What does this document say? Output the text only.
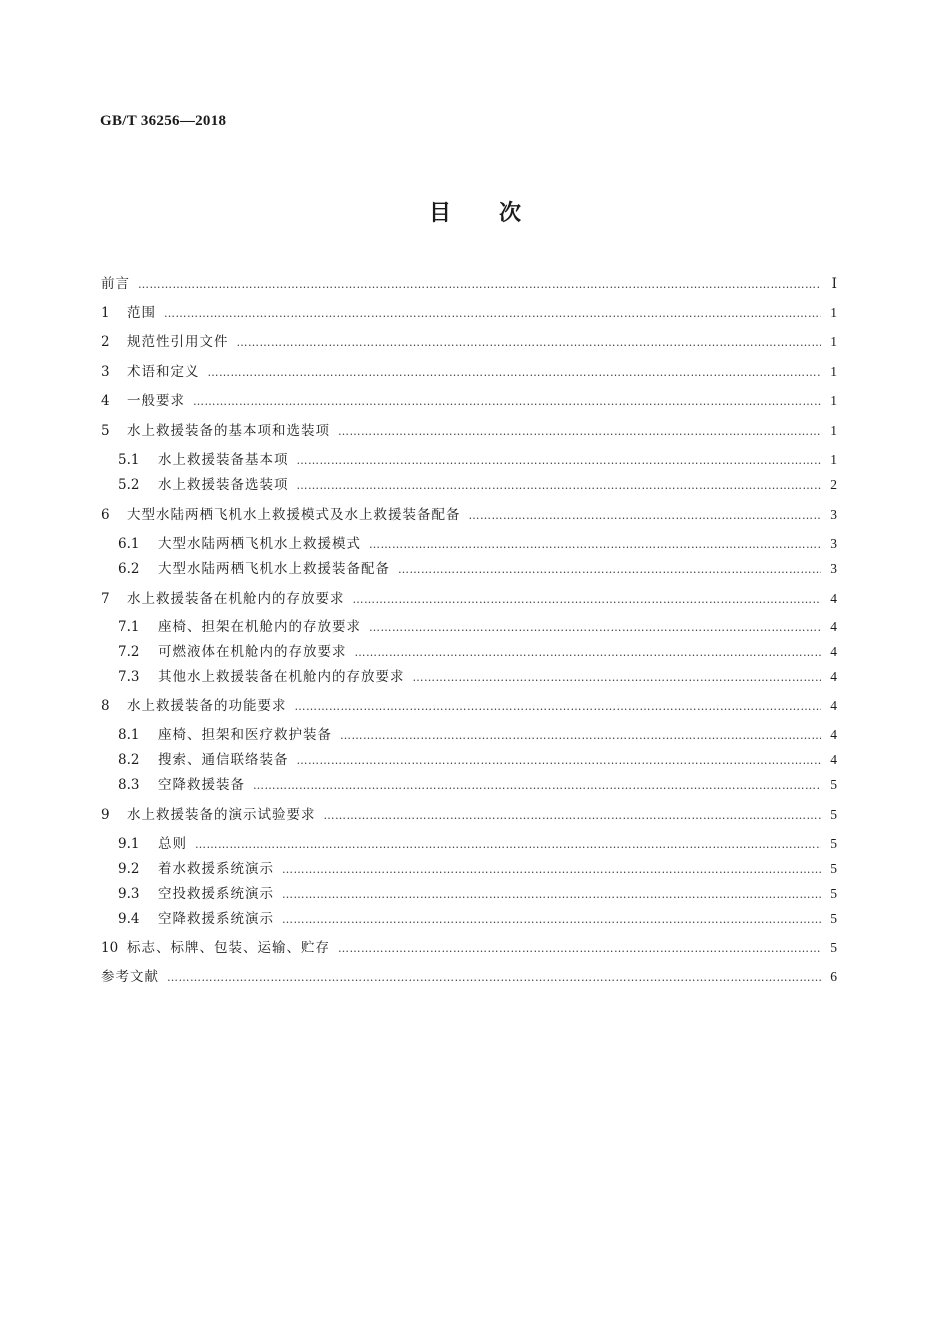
GB/T 36256—2018
目 次
前言 …………………………………………………………………………………………………………………………………………………………………………………………………………………………………………………………	Ⅰ
1	范围 …………………………………………………………………………………………………………………………………………………………………………………………………………………………………………………………	1
2	规范性引用文件 …………………………………………………………………………………………………………………………………………………………………………………………………………………………………………………………	1
3	术语和定义 …………………………………………………………………………………………………………………………………………………………………………………………………………………………………………………………	1
4	一般要求 …………………………………………………………………………………………………………………………………………………………………………………………………………………………………………………………	1
5	水上救援装备的基本项和选装项 …………………………………………………………………………………………………………………………………………………………………………………………………………………………………………………………	1
5.1	水上救援装备基本项 …………………………………………………………………………………………………………………………………………………………………………………………………………………………………………………………	1
5.2	水上救援装备选装项 …………………………………………………………………………………………………………………………………………………………………………………………………………………………………………………………	2
6	大型水陆两栖飞机水上救援模式及水上救援装备配备 …………………………………………………………………………………………………………………………………………………………………………………………………………………………………………………………	3
6.1	大型水陆两栖飞机水上救援模式 …………………………………………………………………………………………………………………………………………………………………………………………………………………………………………………………	3
6.2	大型水陆两栖飞机水上救援装备配备 …………………………………………………………………………………………………………………………………………………………………………………………………………………………………………………………	3
7	水上救援装备在机舱内的存放要求 …………………………………………………………………………………………………………………………………………………………………………………………………………………………………………………………	4
7.1	座椅、担架在机舱内的存放要求 …………………………………………………………………………………………………………………………………………………………………………………………………………………………………………………………	4
7.2	可燃液体在机舱内的存放要求 …………………………………………………………………………………………………………………………………………………………………………………………………………………………………………………………	4
7.3	其他水上救援装备在机舱内的存放要求 …………………………………………………………………………………………………………………………………………………………………………………………………………………………………………………………	4
8	水上救援装备的功能要求 …………………………………………………………………………………………………………………………………………………………………………………………………………………………………………………………	4
8.1	座椅、担架和医疗救护装备 …………………………………………………………………………………………………………………………………………………………………………………………………………………………………………………………	4
8.2	搜索、通信联络装备 …………………………………………………………………………………………………………………………………………………………………………………………………………………………………………………………	4
8.3	空降救援装备 …………………………………………………………………………………………………………………………………………………………………………………………………………………………………………………………	5
9	水上救援装备的演示试验要求 …………………………………………………………………………………………………………………………………………………………………………………………………………………………………………………………	5
9.1	总则 …………………………………………………………………………………………………………………………………………………………………………………………………………………………………………………………	5
9.2	着水救援系统演示 …………………………………………………………………………………………………………………………………………………………………………………………………………………………………………………………	5
9.3	空投救援系统演示 …………………………………………………………………………………………………………………………………………………………………………………………………………………………………………………………	5
9.4	空降救援系统演示 …………………………………………………………………………………………………………………………………………………………………………………………………………………………………………………………	5
10 标志、标牌、包装、运输、贮存 …………………………………………………………………………………………………………………………………………………………………………………………………………………………………………………………	5
参考文献 …………………………………………………………………………………………………………………………………………………………………………………………………………………………………………………………	6
